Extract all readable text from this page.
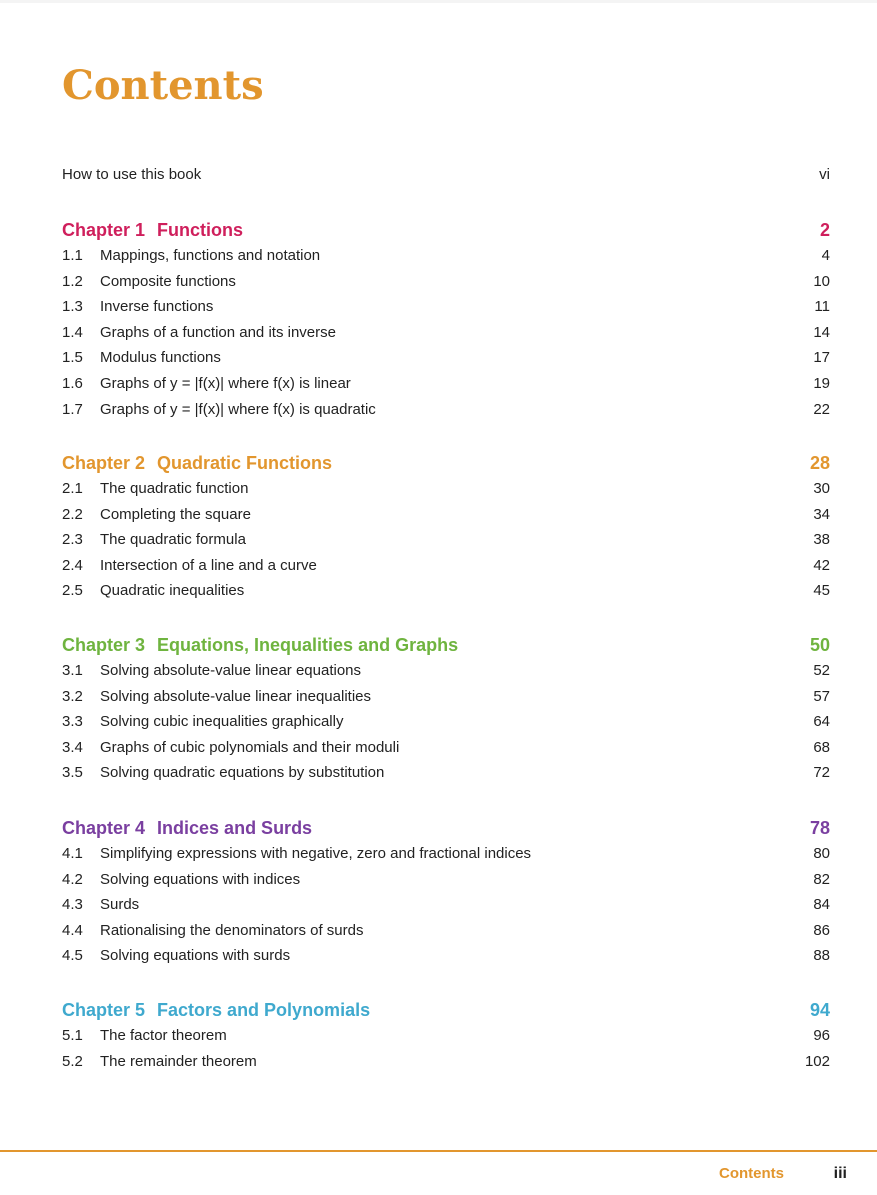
Contents
How to use this book	vi
Chapter 1 Functions	2
1.1	Mappings, functions and notation	4
1.2	Composite functions	10
1.3	Inverse functions	11
1.4	Graphs of a function and its inverse	14
1.5	Modulus functions	17
1.6	Graphs of y = |f(x)| where f(x) is linear	19
1.7	Graphs of y = |f(x)| where f(x) is quadratic	22
Chapter 2 Quadratic Functions	28
2.1	The quadratic function	30
2.2	Completing the square	34
2.3	The quadratic formula	38
2.4	Intersection of a line and a curve	42
2.5	Quadratic inequalities	45
Chapter 3 Equations, Inequalities and Graphs	50
3.1	Solving absolute-value linear equations	52
3.2	Solving absolute-value linear inequalities	57
3.3	Solving cubic inequalities graphically	64
3.4	Graphs of cubic polynomials and their moduli	68
3.5	Solving quadratic equations by substitution	72
Chapter 4 Indices and Surds	78
4.1	Simplifying expressions with negative, zero and fractional indices	80
4.2	Solving equations with indices	82
4.3	Surds	84
4.4	Rationalising the denominators of surds	86
4.5	Solving equations with surds	88
Chapter 5 Factors and Polynomials	94
5.1	The factor theorem	96
5.2	The remainder theorem	102
Contents	iii
